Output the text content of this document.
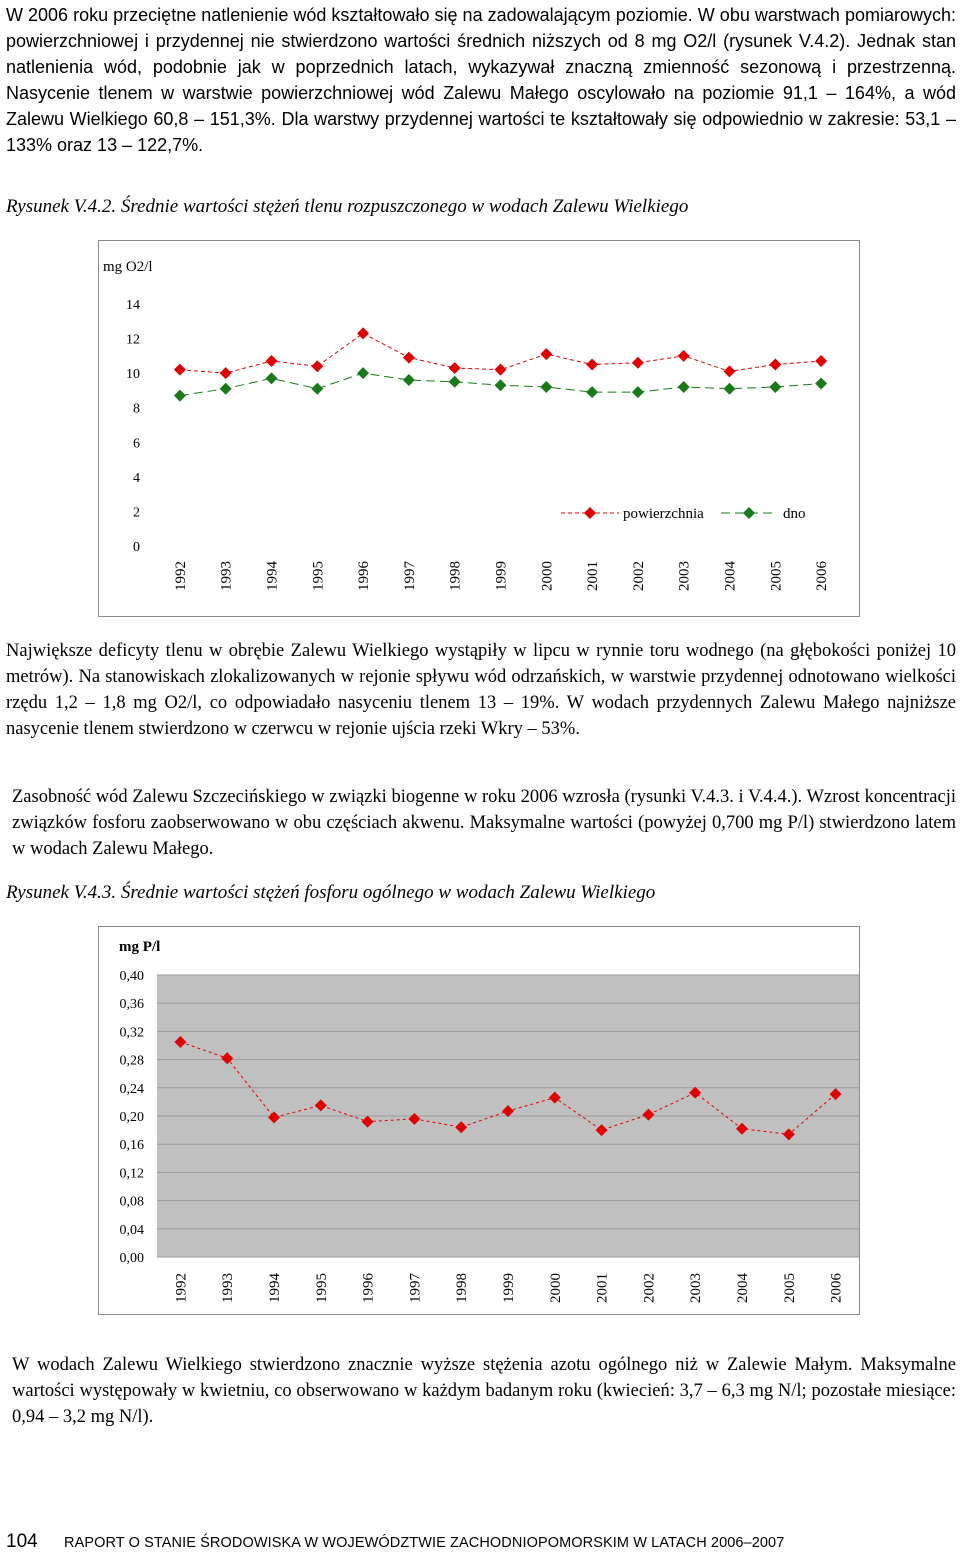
W 2006 roku przeciętne natlenienie wód kształtowało się na zadowalającym poziomie. W obu warstwach pomiarowych: powierzchniowej i przydennej nie stwierdzono wartości średnich niższych od 8 mg O2/l (rysunek V.4.2). Jednak stan natlenienia wód, podobnie jak w poprzednich latach, wykazywał znaczną zmienność sezonową i przestrzenną. Nasycenie tlenem w warstwie powierzchniowej wód Zalewu Małego oscylowało na poziomie 91,1 – 164%, a wód Zalewu Wielkiego 60,8 – 151,3%. Dla warstwy przydennej wartości te kształtowały się odpowiednio w zakresie: 53,1 – 133% oraz 13 – 122,7%.

Rysunek V.4.2. Średnie wartości stężeń tlenu rozpuszczonego w wodach Zalewu Wielkiego

mg O2/l
0
2
4
6
8
10
12
14
1992 1993 1994 1995 1996 1997 1998 1999 2000 2001 2002 2003 2004 2005 2006
powierzchnia	dno

Największe deficyty tlenu w obrębie Zalewu Wielkiego wystąpiły w lipcu w rynnie toru wodnego (na głębokości poniżej 10 metrów). Na stanowiskach zlokalizowanych w rejonie spływu wód odrzańskich, w warstwie przydennej odnotowano wielkości rzędu 1,2 – 1,8 mg O2/l, co odpowiadało nasyceniu tlenem 13 – 19%. W wodach przydennych Zalewu Małego najniższe nasycenie tlenem stwierdzono w czerwcu w rejonie ujścia rzeki Wkry – 53%.

Zasobność wód Zalewu Szczecińskiego w związki biogenne w roku 2006 wzrosła (rysunki V.4.3. i V.4.4.). Wzrost koncentracji związków fosforu zaobserwowano w obu częściach akwenu. Maksymalne wartości (powyżej 0,700 mg P/l) stwierdzono latem w wodach Zalewu Małego.

Rysunek V.4.3. Średnie wartości stężeń fosforu ogólnego w wodach Zalewu Wielkiego

mg P/l
0,00
0,04
0,08
0,12
0,16
0,20
0,24
0,28
0,32
0,36
0,40
1992 1993 1994 1995 1996 1997 1998 1999 2000 2001 2002 2003 2004 2005 2006

W wodach Zalewu Wielkiego stwierdzono znacznie wyższe stężenia azotu ogólnego niż w Zalewie Małym. Maksymalne wartości występowały w kwietniu, co obserwowano w każdym badanym roku (kwiecień: 3,7 – 6,3 mg N/l; pozostałe miesiące: 0,94 – 3,2 mg N/l).

104 RAPORT O STANIE ŚRODOWISKA W WOJEWÓDZTWIE ZACHODNIOPOMORSKIM W LATACH 2006–2007
